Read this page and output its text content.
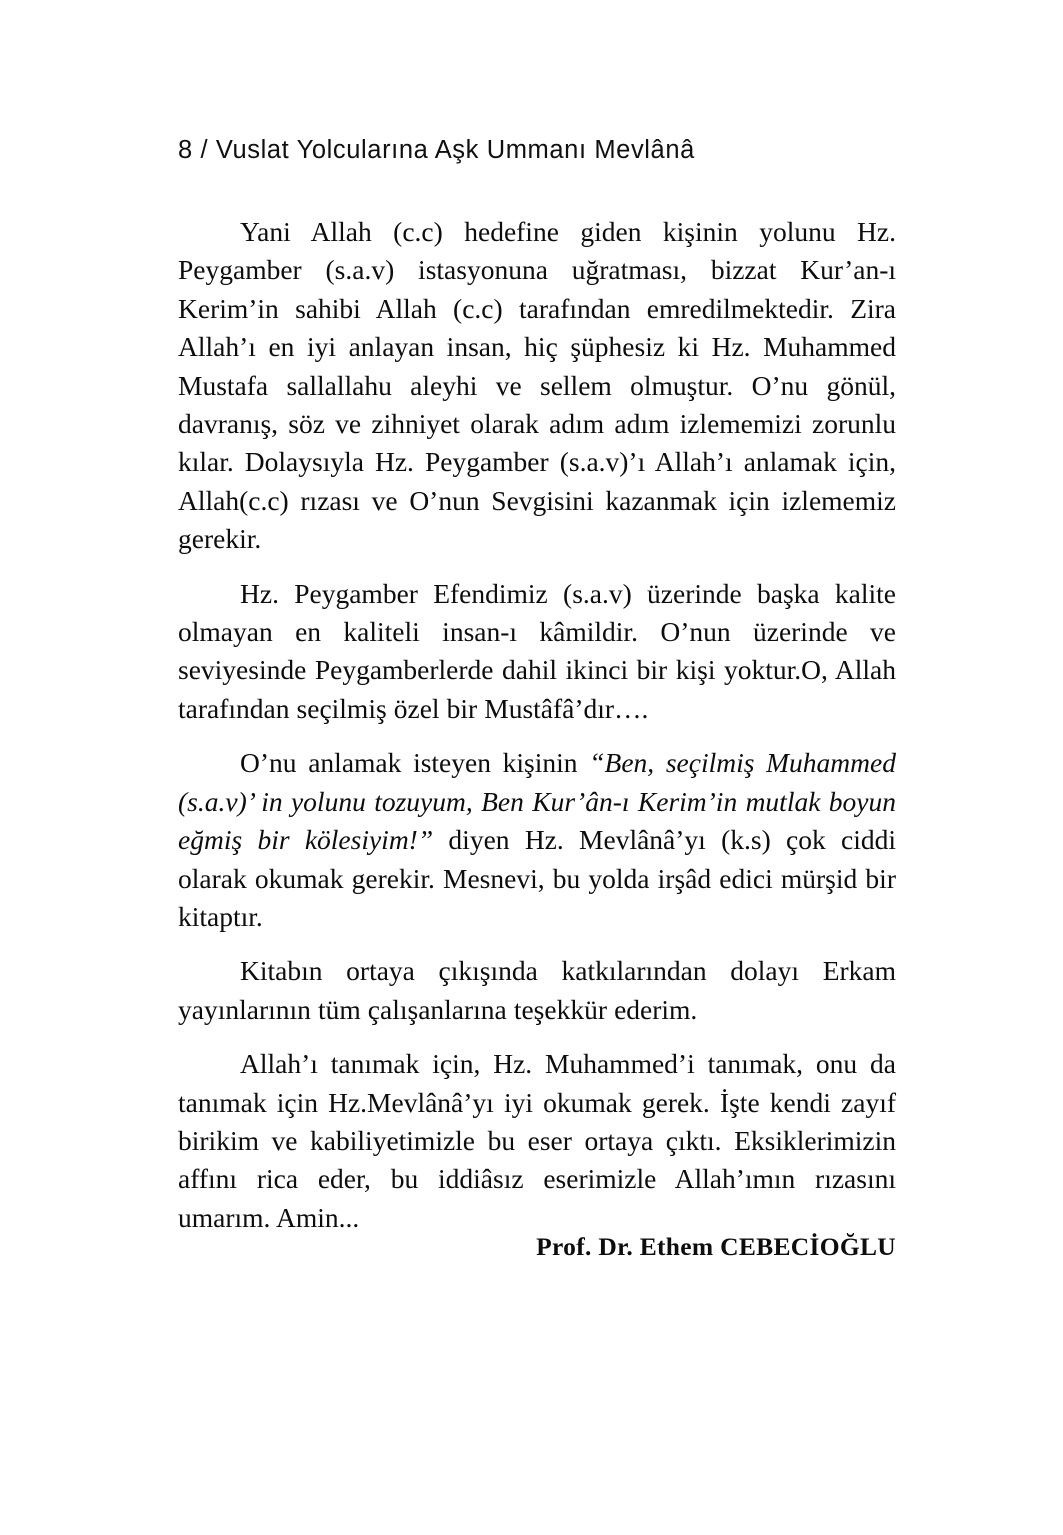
8 / Vuslat Yolcularına Aşk Ummanı Mevlânâ

Yani Allah (c.c) hedefine giden kişinin yolunu Hz. Peygamber (s.a.v) istasyonuna uğratması, bizzat Kur’an-ı Kerim’in sahibi Allah (c.c) tarafından emredilmektedir. Zira Allah’ı en iyi anlayan insan, hiç şüphesiz ki Hz. Muhammed Mustafa sallallahu aleyhi ve sellem olmuştur. O’nu gönül, davranış, söz ve zihniyet olarak adım adım izlememizi zorunlu kılar. Dolaysıyla Hz. Peygamber (s.a.v)’ı Allah’ı anlamak için, Allah(c.c) rızası ve O’nun Sevgisini kazanmak için izlememiz gerekir.

Hz. Peygamber Efendimiz (s.a.v) üzerinde başka kalite olmayan en kaliteli insan-ı kâmildir. O’nun üzerinde ve seviyesinde Peygamberlerde dahil ikinci bir kişi yoktur.O, Allah tarafından seçilmiş özel bir Mustâfâ’dır….

O’nu anlamak isteyen kişinin “Ben, seçilmiş Muhammed (s.a.v)’ in yolunu tozuyum, Ben Kur’ân-ı Kerim’in mutlak boyun eğmiş bir kölesiyim!” diyen Hz. Mevlânâ’yı (k.s) çok ciddi olarak okumak gerekir. Mesnevi, bu yolda irşâd edici mürşid bir kitaptır.

Kitabın ortaya çıkışında katkılarından dolayı Erkam yayınlarının tüm çalışanlarına teşekkür ederim.

Allah’ı tanımak için, Hz. Muhammed’i tanımak, onu da tanımak için Hz.Mevlânâ’yı iyi okumak gerek. İşte kendi zayıf birikim ve kabiliyetimizle bu eser ortaya çıktı. Eksiklerimizin affını rica eder, bu iddiâsız eserimizle Allah’ımın rızasını umarım. Amin...

Prof. Dr. Ethem CEBECİOĞLU
